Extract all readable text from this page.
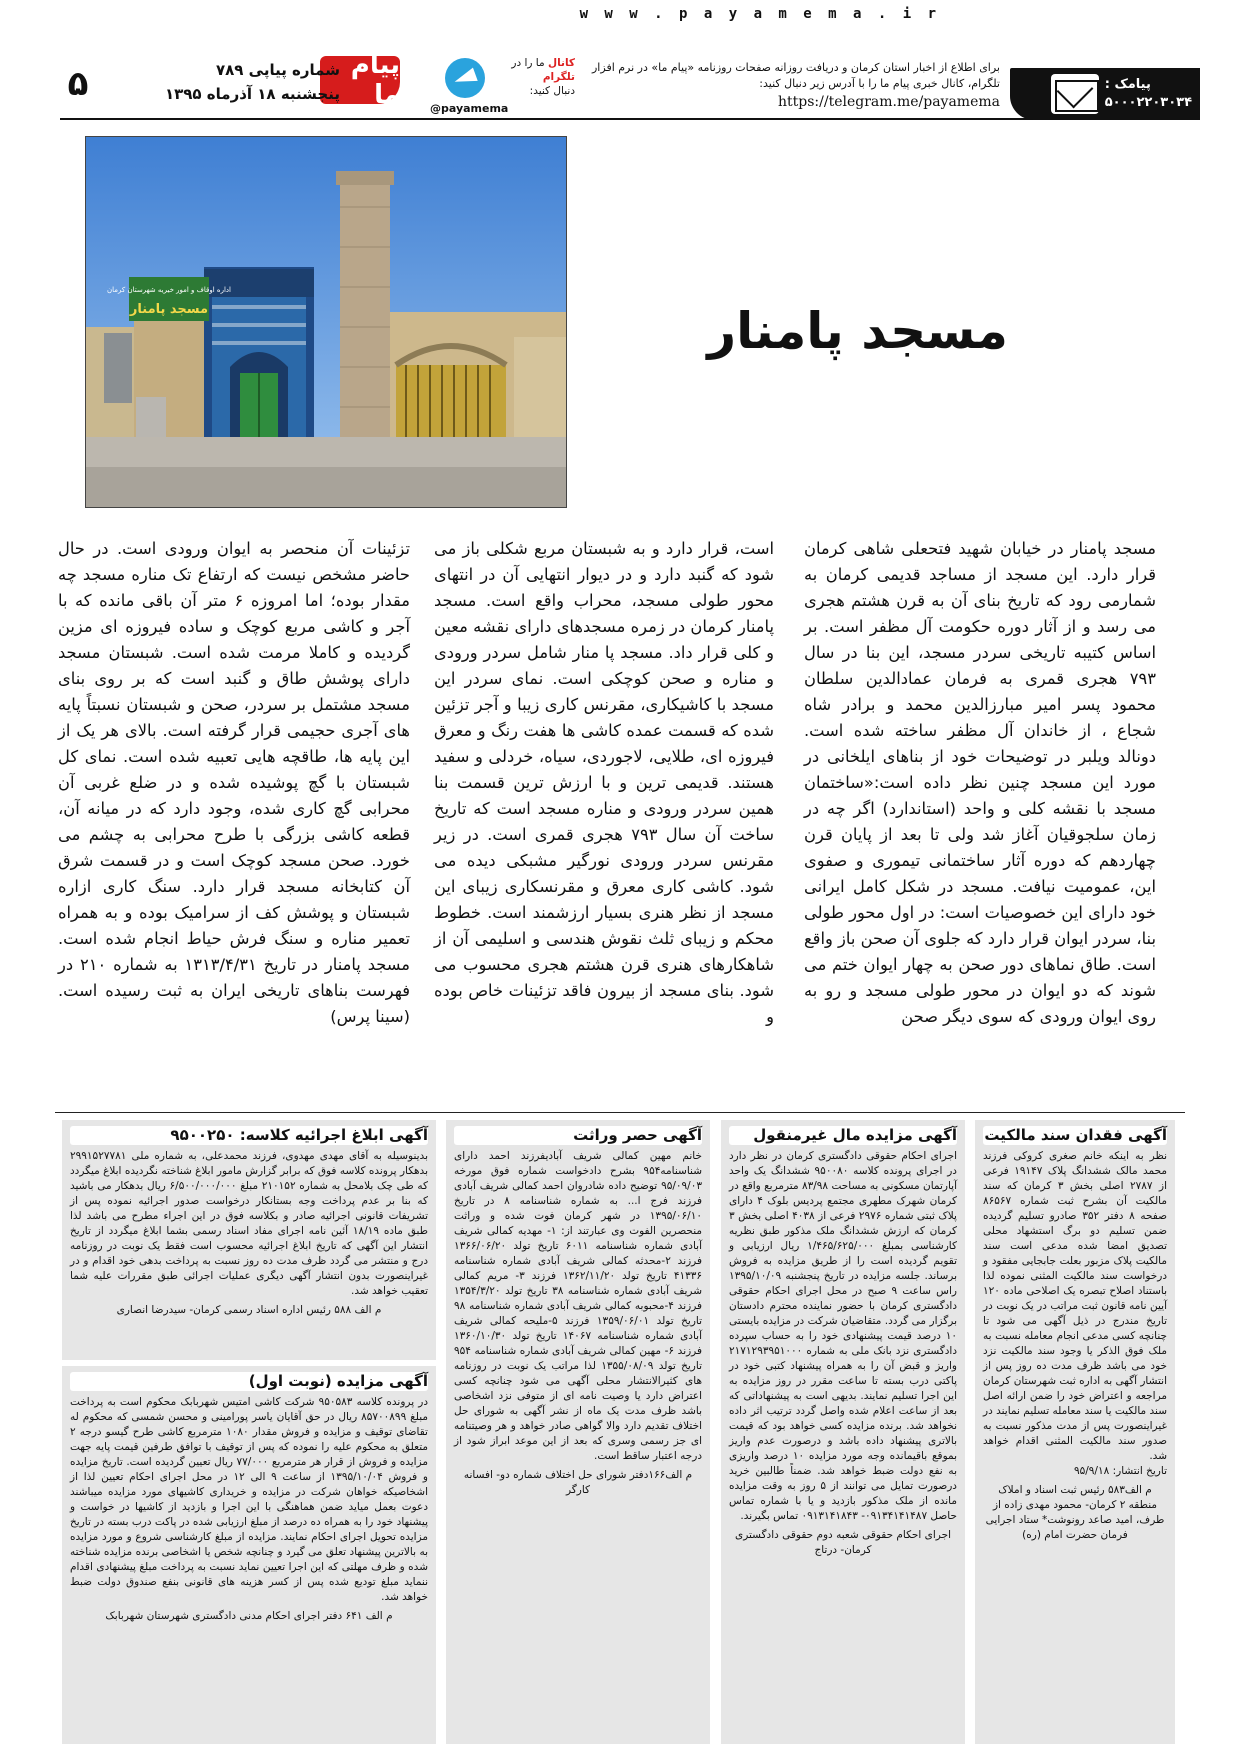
w w w . p a y a m e m a . i r
پیامک :
۵۰۰۰۲۲۰۳۰۳۴
برای اطلاع از اخبار استان کرمان و دریافت روزانه صفحات روزنامه «پیام ما» در نرم افزار تلگرام، کانال خبری پیام ما را با آدرس زیر دنبال کنید:
https://telegram.me/payamema
کانال ما را در
تلگرام
دنبال کنید:
@payamema
پیام ما
شماره پیاپی ۷۸۹
پنجشنبه ۱۸ آذرماه ۱۳۹۵
۵
اداره اوقاف و امور خیریه شهرستان کرمان
مسجد پامنار	مسجد پامنار
مسجد پامنار در خیابان شهید فتحعلی شاهی کرمان قرار دارد. این مسجد از مساجد قدیمی کرمان به شمارمی رود که تاریخ بنای آن به قرن هشتم هجری می رسد و از آثار دوره حکومت آل مظفر است. بر اساس کتیبه تاریخی سردر مسجد، این بنا در سال ۷۹۳ هجری قمری به فرمان عمادالدین سلطان محمود پسر امیر مبارزالدین محمد و برادر شاه شجاع ، از خاندان آل مظفر ساخته شده است. دونالد ویلبر در توضیحات خود از بناهای ایلخانی در مورد این مسجد چنین نظر داده است:«ساختمان مسجد با نقشه کلی و واحد (استاندارد) اگر چه در زمان سلجوقیان آغاز شد ولی تا بعد از پایان قرن چهاردهم که دوره آثار ساختمانی تیموری و صفوی این، عمومیت نیافت. مسجد در شکل کامل ایرانی خود دارای این خصوصیات است: در اول محور طولی بنا، سردر ایوان قرار دارد که جلوی آن صحن باز واقع است. طاق نماهای دور صحن به چهار ایوان ختم می شوند که دو ایوان در محور طولی مسجد و رو به روی ایوان ورودی که سوی دیگر صحن
است، قرار دارد و به شبستان مربع شکلی باز می شود که گنبد دارد و در دیوار انتهایی آن در انتهای محور طولی مسجد، محراب واقع است. مسجد پامنار کرمان در زمره مسجدهای دارای نقشه معین و کلی قرار داد. مسجد پا منار شامل سردر ورودی و مناره و صحن کوچکی است. نمای سردر این مسجد با کاشیکاری، مقرنس کاری زیبا و آجر تزئین شده که قسمت عمده کاشی ها هفت رنگ و معرق فیروزه ای، طلایی، لاجوردی، سیاه، خردلی و سفید هستند. قدیمی ترین و با ارزش ترین قسمت بنا همین سردر ورودی و مناره مسجد است که تاریخ ساخت آن سال ۷۹۳ هجری قمری است. در زیر مقرنس سردر ورودی نورگیر مشبکی دیده می شود. کاشی کاری معرق و مقرنسکاری زیبای این مسجد از نظر هنری بسیار ارزشمند است. خطوط محکم و زیبای ثلث نقوش هندسی و اسلیمی آن از شاهکارهای هنری قرن هشتم هجری محسوب می شود. بنای مسجد از بیرون فاقد تزئینات خاص بوده و
تزئینات آن منحصر به ایوان ورودی است. در حال حاضر مشخص نیست که ارتفاع تک مناره مسجد چه مقدار بوده؛ اما امروزه ۶ متر آن باقی مانده که با آجر و کاشی مربع کوچک و ساده فیروزه ای مزین گردیده و کاملا مرمت شده است. شبستان مسجد دارای پوشش طاق و گنبد است که بر روی بنای مسجد مشتمل بر سردر، صحن و شبستان نسبتاً پایه های آجری حجیمی قرار گرفته است. بالای هر یک از این پایه ها، طاقچه هایی تعبیه شده است. نمای کل شبستان با گچ پوشیده شده و در ضلع غربی آن محرابی گچ کاری شده، وجود دارد که در میانه آن، قطعه کاشی بزرگی با طرح محرابی به چشم می خورد. صحن مسجد کوچک است و در قسمت شرق آن کتابخانه مسجد قرار دارد. سنگ کاری ازاره شبستان و پوشش کف از سرامیک بوده و به همراه تعمیر مناره و سنگ فرش حیاط انجام شده است. مسجد پامنار در تاریخ ۱۳۱۳/۴/۳۱ به شماره ۲۱۰ در فهرست بناهای تاریخی ایران به ثبت رسیده است. (سینا پرس)
آگهی فقدان سند مالکیت
نظر به اینکه خانم صغری کروکی فرزند محمد مالک ششدانگ پلاک ۱۹۱۴۷ فرعی از ۲۷۸۷ اصلی بخش ۳ کرمان که سند مالکیت آن بشرح ثبت شماره ۸۶۵۶۷ صفحه ۸ دفتر ۳۵۲ صادرو تسلیم گردیده ضمن تسلیم دو برگ استشهاد محلی تصدیق امضا شده مدعی است سند مالکیت پلاک مزبور بعلت جابجایی مفقود و درخواست سند مالکیت المثنی نموده لذا باستناد اصلاح تبصره یک اصلاحی ماده ۱۲۰ آیین نامه قانون ثبت مراتب در یک نوبت در تاریخ مندرج در ذیل آگهی می شود تا چنانچه کسی مدعی انجام معامله نسبت به ملک فوق الذکر یا وجود سند مالکیت نزد خود می باشد ظرف مدت ده روز پس از انتشار آگهی به اداره ثبت شهرستان کرمان مراجعه و اعتراض خود را ضمن ارائه اصل سند مالکیت یا سند معامله تسلیم نمایند در غیراینصورت پس از مدت مذکور نسبت به صدور سند مالکیت المثنی اقدام خواهد شد.
تاریخ انتشار: ۹۵/۹/۱۸
م الف۵۸۳ رئیس ثبت اسناد و املاک منطقه ۲ کرمان- محمود مهدی زاده از طرف، امید صاعد رونوشت* ستاد اجرایی فرمان حضرت امام (ره)
آگهی مزایده مال غیرمنقول
اجرای احکام حقوقی دادگستری کرمان در نظر دارد در اجرای پرونده کلاسه ۹۵۰۰۸۰ ششدانگ یک واحد آپارتمان مسکونی به مساحت ۸۳/۹۸ مترمربع واقع در کرمان شهرک مطهری مجتمع پردیس بلوک ۴ دارای پلاک ثبتی شماره ۲۹۷۶ فرعی از ۴۰۳۸ اصلی بخش ۳ کرمان که ارزش ششدانگ ملک مذکور طبق نظریه کارشناسی بمبلغ ۱/۴۶۵/۶۲۵/۰۰۰ ریال ارزیابی و تقویم گردیده است را از طریق مزایده به فروش برساند. جلسه مزایده در تاریخ پنجشنبه ۱۳۹۵/۱۰/۰۹ راس ساعت ۹ صبح در محل اجرای احکام حقوقی دادگستری کرمان با حضور نماینده محترم دادستان برگزار می گردد. متقاضیان شرکت در مزایده بایستی ۱۰ درصد قیمت پیشنهادی خود را به حساب سپرده دادگستری نزد بانک ملی به شماره ۲۱۷۱۲۹۳۹۵۱۰۰۰ واریز و قبض آن را به همراه پیشنهاد کتبی خود در پاکتی درب بسته تا ساعت مقرر در روز مزایده به این اجرا تسلیم نمایند. بدیهی است به پیشنهاداتی که بعد از ساعت اعلام شده واصل گردد ترتیب اثر داده نخواهد شد. برنده مزایده کسی خواهد بود که قیمت بالاتری پیشنهاد داده باشد و درصورت عدم واریز بموقع باقیمانده وجه مورد مزایده ۱۰ درصد واریزی به نفع دولت ضبط خواهد شد. ضمناً طالبین خرید درصورت تمایل می توانند از ۵ روز به وقت مزایده مانده از ملک مذکور بازدید و یا با شماره تماس حاصل ۰۹۱۳۴۱۴۱۴۸۷- ۰۹۱۳۱۴۱۸۴۳ تماس بگیرند.
اجرای احکام حقوقی شعبه دوم حقوقی دادگستری کرمان- درتاج
آگهی حصر وراثت
خانم مهین کمالی شریف آبادیفرزند احمد دارای شناسنامه۹۵۴ بشرح دادخواست شماره فوق مورخه ۹۵/۰۹/۰۳ توضیح داده شادروان احمد کمالی شریف آبادی فرزند فرج ا... به شماره شناسنامه ۸ در تاریخ ۱۳۹۵/۰۶/۱۰ در شهر کرمان فوت شده و وراثت منحصرین الفوت وی عبارتند از: ۱- مهدیه کمالی شریف آبادی شماره شناسنامه ۶۰۱۱ تاریخ تولد ۱۳۶۶/۰۶/۲۰ فرزند ۲-محدثه کمالی شریف آبادی شماره شناسنامه ۴۱۳۳۶ تاریخ تولد ۱۳۶۲/۱۱/۲۰ فرزند ۳- مریم کمالی شریف آبادی شماره شناسنامه ۳۸ تاریخ تولد ۱۳۵۴/۳/۲۰ فرزند ۴-محبوبه کمالی شریف آبادی شماره شناسنامه ۹۸ تاریخ تولد ۱۳۵۹/۰۶/۰۱ فرزند ۵-ملیحه کمالی شریف آبادی شماره شناسنامه ۱۴۰۶۷ تاریخ تولد ۱۳۶۰/۱۰/۳۰ فرزند ۶- مهین کمالی شریف آبادی شماره شناسنامه ۹۵۴ تاریخ تولد ۱۳۵۵/۰۸/۰۹ لذا مراتب یک نوبت در روزنامه های کثیرالانتشار محلی آگهی می شود چنانچه کسی اعتراض دارد یا وصیت نامه ای از متوفی نزد اشخاصی باشد ظرف مدت یک ماه از نشر آگهی به شورای حل اختلاف تقدیم دارد والا گواهی صادر خواهد و هر وصیتنامه ای جز رسمی وسری که بعد از این موعد ابراز شود از درجه اعتبار ساقط است.
م الف۱۶۶دفتر شورای حل اختلاف شماره دو- افسانه کارگر
آگهی ابلاغ اجرائیه کلاسه: ۹۵۰۰۲۵۰
بدینوسیله به آقای مهدی مهدوی، فرزند محمدعلی، به شماره ملی ۲۹۹۱۵۲۷۷۸۱ بدهکار پرونده کلاسه فوق که برابر گزارش مامور ابلاغ شناخته نگردیده ابلاغ میگردد که طی چک بلامحل به شماره ۲۱۰۱۵۲ مبلغ ۶/۵۰۰/۰۰۰/۰۰۰ ریال بدهکار می باشید که بنا بر عدم پرداخت وجه بستانکار درخواست صدور اجرائیه نموده پس از تشریفات قانونی اجرائیه صادر و بکلاسه فوق در این اجراء مطرح می باشد لذا طبق ماده ۱۸/۱۹ آئین نامه اجرای مفاد اسناد رسمی بشما ابلاغ میگردد از تاریخ انتشار این آگهی که تاریخ ابلاغ اجرائیه محسوب است فقط یک نوبت در روزنامه درج و منتشر می گردد ظرف مدت ده روز نسبت به پرداخت بدهی خود اقدام و در غیراینصورت بدون انتشار آگهی دیگری عملیات اجرائی طبق مقررات علیه شما تعقیب خواهد شد.
م الف ۵۸۸ رئیس اداره اسناد رسمی کرمان- سیدرضا انصاری
آگهی مزایده (نوبت اول)
در پرونده کلاسه ۹۵۰۵۸۳ شرکت کاشی امتیس شهربابک محکوم است به پرداخت مبلغ ۸۵۷۰۰۸۹۹ ریال در حق آقایان یاسر پورامینی و محسن شمسی که محکوم له تقاضای توقیف و مزایده و فروش مقدار ۱۰۸۰ مترمربع کاشی طرح گیسو درجه ۲ متعلق به محکوم علیه را نموده که پس از توقیف با توافق طرفین قیمت پایه جهت مزایده و فروش از قرار هر مترمربع ۷۷/۰۰۰ ریال تعیین گردیده است. تاریخ مزایده و فروش ۱۳۹۵/۱۰/۰۴ از ساعت ۹ الی ۱۲ در محل اجرای احکام تعیین لذا از اشخاصیکه خواهان شرکت در مزایده و خریداری کاشیهای مورد مزایده میباشند دعوت بعمل میاید ضمن هماهنگی با این اجرا و بازدید از کاشیها در خواست و پیشنهاد خود را به همراه ده درصد از مبلغ ارزیابی شده در پاکت درب بسته در تاریخ مزایده تحویل اجرای احکام نمایند. مزایده از مبلغ کارشناسی شروع و مورد مزایده به بالاترین پیشنهاد تعلق می گیرد و چنانچه شخص یا اشخاصی برنده مزایده شناخته شده و ظرف مهلتی که این اجرا تعیین نماید نسبت به پرداخت مبلغ پیشنهادی اقدام ننماید مبلغ تودیع شده پس از کسر هزینه های قانونی بنفع صندوق دولت ضبط خواهد شد.
م الف ۶۴۱ دفتر اجرای احکام مدنی دادگستری شهرستان شهربابک
